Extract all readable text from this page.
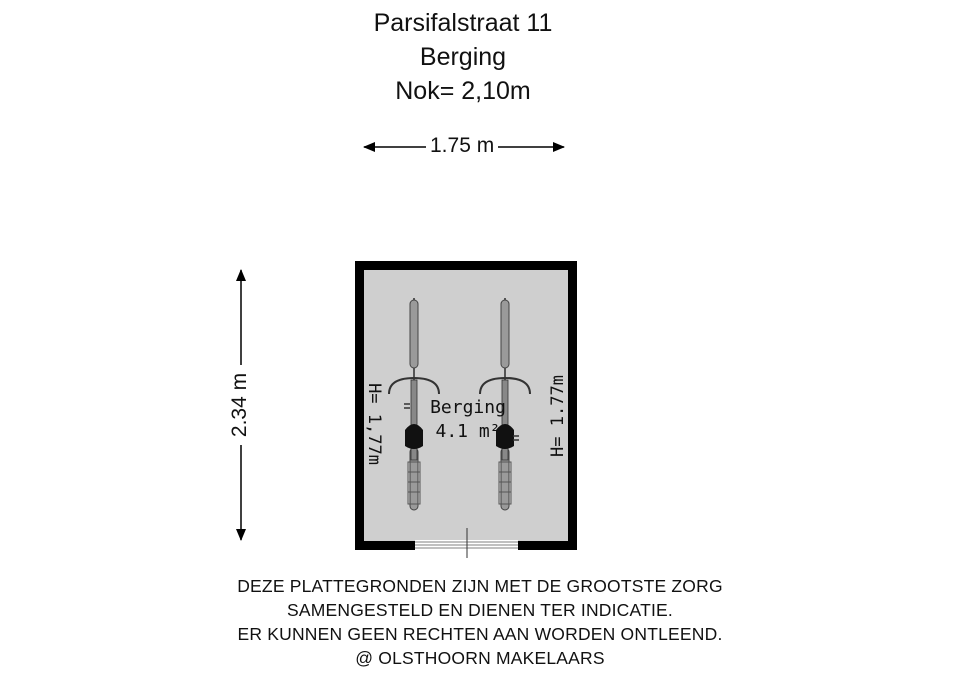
Parsifalstraat 11
Berging
Nok= 2,10m
Berging
4.1 m²
H= 1,77m	H= 1.77m
1.75 m
2.34 m
DEZE PLATTEGRONDEN ZIJN MET DE GROOTSTE ZORG
SAMENGESTELD EN DIENEN TER INDICATIE.
ER KUNNEN GEEN RECHTEN AAN WORDEN ONTLEEND.
@ OLSTHOORN MAKELAARS
